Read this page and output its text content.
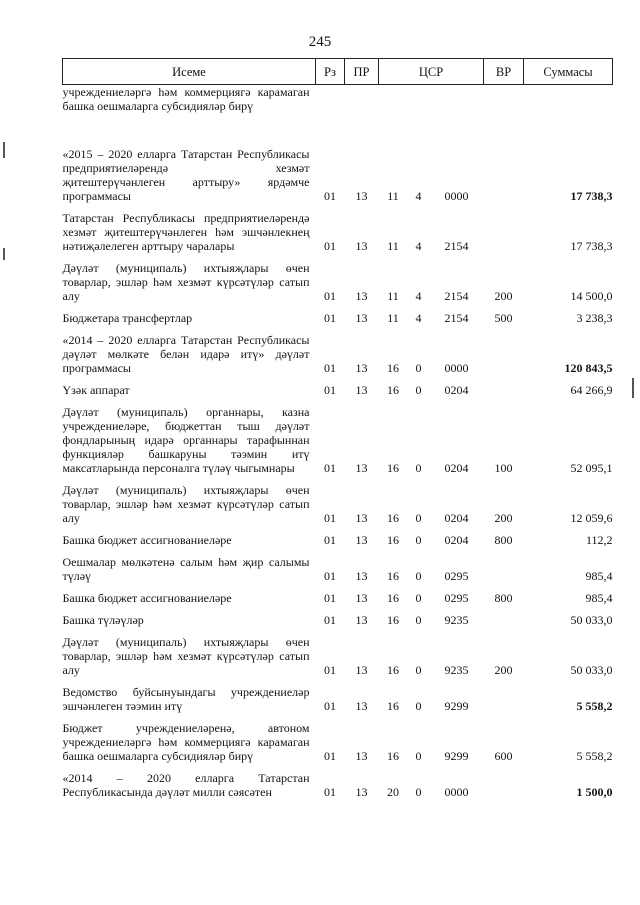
245
Исеме	Рз	ПР	ЦСР			ВР	Суммасы
учреждениеләргә һәм коммерциягә карамаган башка оешмаларга субсидияләр бирү							
«2015 – 2020 елларга Татарстан Республикасы предприятиеләрендә хезмәт җитештерүчәнлеген арттыру» ярдәмче программасы	01	13	11	4	0000		17 738,3
Татарстан Республикасы предприятиеләрендә хезмәт җитештерүчәнлеген һәм эшчәнлекнең нәтиҗәлелеген арттыру чаралары	01	13	11	4	2154		17 738,3
Дәүләт (муниципаль) ихтыяҗлары өчен товарлар, эшләр һәм хезмәт күрсәтүләр сатып алу	01	13	11	4	2154	200	14 500,0
Бюджетара трансфертлар	01	13	11	4	2154	500	3 238,3
«2014 – 2020 елларга Татарстан Республикасы дәүләт мөлкәте белән идарә итү» дәүләт программасы	01	13	16	0	0000		120 843,5
Үзәк аппарат	01	13	16	0	0204		64 266,9
Дәүләт (муниципаль) органнары, казна учреждениеләре, бюджеттан тыш дәүләт фондларының идарә органнары тарафыннан функцияләр башкаруны тәэмин итү максатларында персоналга түләү чыгымнары	01	13	16	0	0204	100	52 095,1
Дәүләт (муниципаль) ихтыяҗлары өчен товарлар, эшләр һәм хезмәт күрсәтүләр сатып алу	01	13	16	0	0204	200	12 059,6
Башка бюджет ассигнованиеләре	01	13	16	0	0204	800	112,2
Оешмалар мөлкәтенә салым һәм җир салымы түләү	01	13	16	0	0295		985,4
Башка бюджет ассигнованиеләре	01	13	16	0	0295	800	985,4
Башка түләүләр	01	13	16	0	9235		50 033,0
Дәүләт (муниципаль) ихтыяҗлары өчен товарлар, эшләр һәм хезмәт күрсәтүләр сатып алу	01	13	16	0	9235	200	50 033,0
Ведомство буйсынуындагы учреждениеләр эшчәнлеген тәэмин итү	01	13	16	0	9299		5 558,2
Бюджет учреждениеләренә, автоном учреждениеләргә һәм коммерциягә карамаган башка оешмаларга субсидияләр бирү	01	13	16	0	9299	600	5 558,2
«2014 – 2020 елларга Татарстан Республикасында дәүләт милли сәясәтен	01	13	20	0	0000		1 500,0
